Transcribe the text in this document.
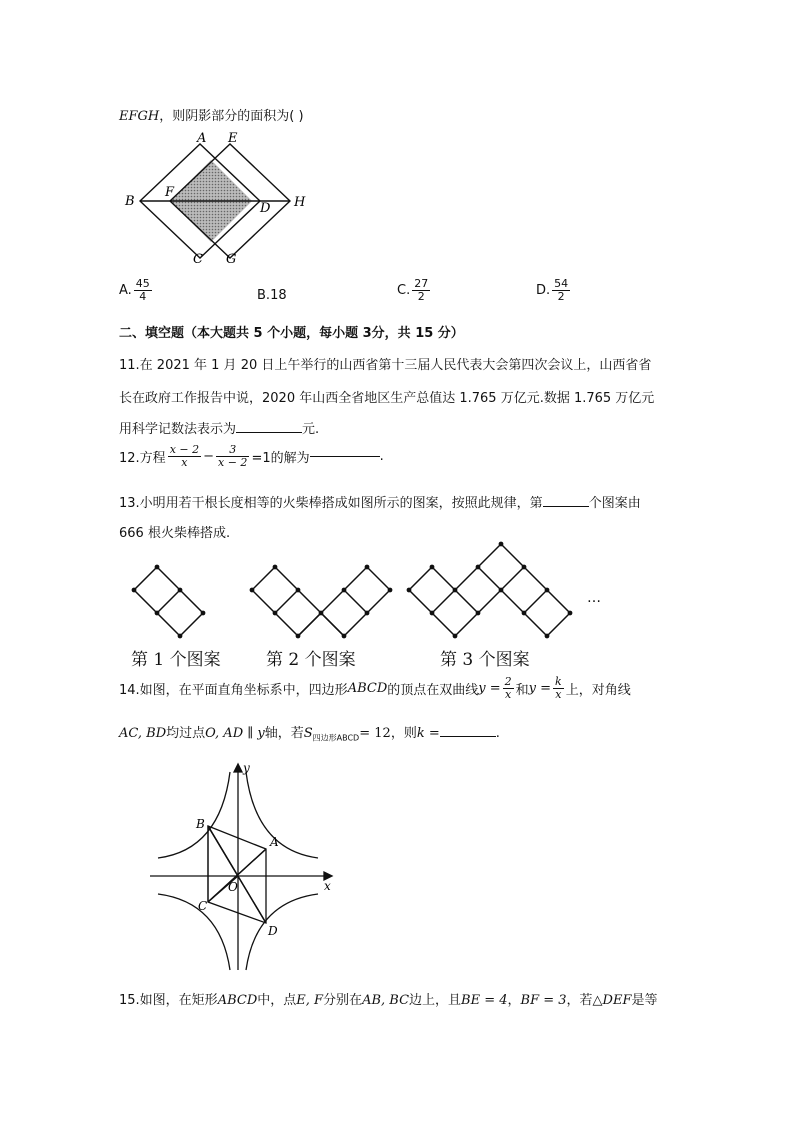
EFGH，则阴影部分的面积为( )
A E
B
F
D H
C G
A. $\frac{45}{4}$	B.18	C. $\frac{27}{2}$	D. $\frac{54}{2}$
二、填空题（本大题共 5 个小题，每小题 3分，共 15 分）
11.在 2021 年 1 月 20 日上午举行的山西省第十三届人民代表大会第四次会议上，山西省省
长在政府工作报告中说，2020 年山西全省地区生产总值达 1.765 万亿元.数据 1.765 万亿元
用科学记数法表示为	元.
12.方程 $\frac{x - 2}{x} - \frac{3}{x - 2} =1$的解为	.
13.小明用若干根长度相等的火柴棒搭成如图所示的图案，按照此规律，第	个图案由
666 根火柴棒搭成.
…
第 1 个图案	第 2 个图案	第 3 个图案
14.如图，在平面直角坐标系中，四边形ABCD的顶点在双曲线$y = \frac{2}{x}$ 和$y = \frac{k}{x}$ 上，对角线
AC, BD均过点O, AD ∥ y轴，若$S_{四边形ABCD}= 12$，则k =	.
y
x
O
A
B
C
D
15.如图，在矩形ABCD中，点E, F分别在AB, BC边上，且BE = 4，BF = 3，若△DEF是等
